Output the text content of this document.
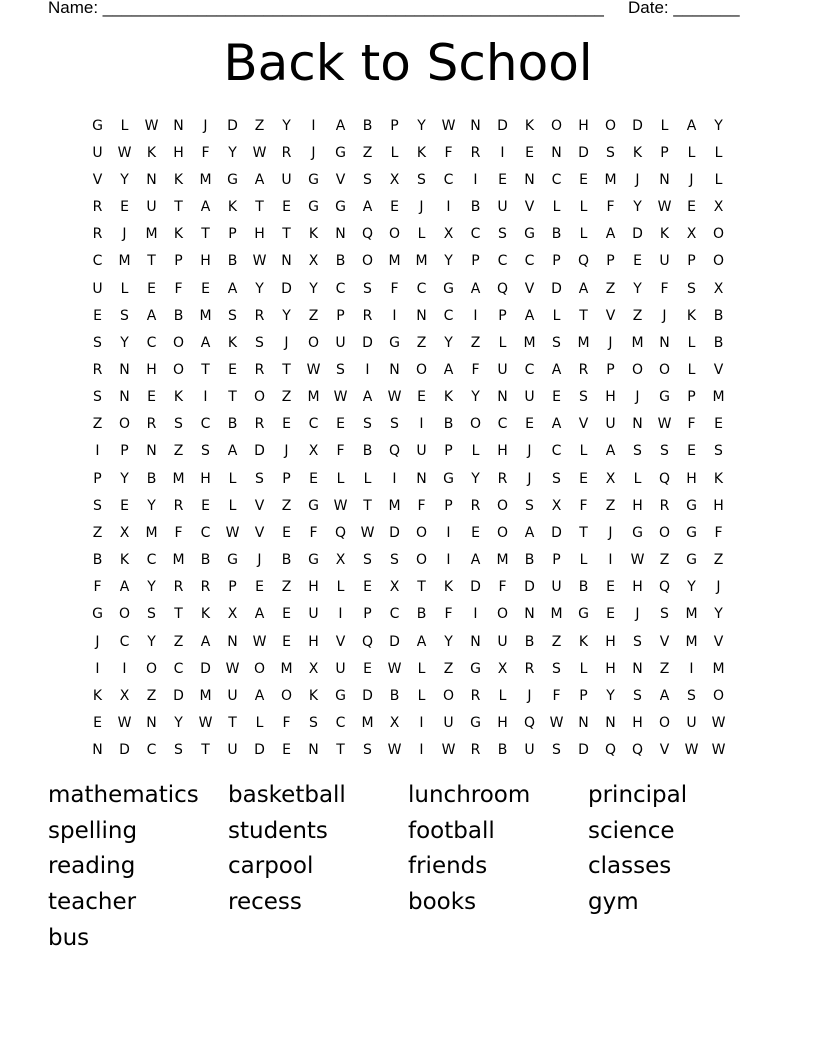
Name: _____________________________________________________ Date: _______
Back to School
G	L	W	N	J	D	Z	Y	I	A	B	P	Y	W	N	D	K	O	H	O	D	L	A	Y
U	W	K	H	F	Y	W	R	J	G	Z	L	K	F	R	I	E	N	D	S	K	P	L	L
V	Y	N	K	M	G	A	U	G	V	S	X	S	C	I	E	N	C	E	M	J	N	J	L
R	E	U	T	A	K	T	E	G	G	A	E	J	I	B	U	V	L	L	F	Y	W	E	X
R	J	M	K	T	P	H	T	K	N	Q	O	L	X	C	S	G	B	L	A	D	K	X	O
C	M	T	P	H	B	W	N	X	B	O	M	M	Y	P	C	C	P	Q	P	E	U	P	O
U	L	E	F	E	A	Y	D	Y	C	S	F	C	G	A	Q	V	D	A	Z	Y	F	S	X
E	S	A	B	M	S	R	Y	Z	P	R	I	N	C	I	P	A	L	T	V	Z	J	K	B
S	Y	C	O	A	K	S	J	O	U	D	G	Z	Y	Z	L	M	S	M	J	M	N	L	B
R	N	H	O	T	E	R	T	W	S	I	N	O	A	F	U	C	A	R	P	O	O	L	V
S	N	E	K	I	T	O	Z	M	W	A	W	E	K	Y	N	U	E	S	H	J	G	P	M
Z	O	R	S	C	B	R	E	C	E	S	S	I	B	O	C	E	A	V	U	N	W	F	E
I	P	N	Z	S	A	D	J	X	F	B	Q	U	P	L	H	J	C	L	A	S	S	E	S
P	Y	B	M	H	L	S	P	E	L	L	I	N	G	Y	R	J	S	E	X	L	Q	H	K
S	E	Y	R	E	L	V	Z	G	W	T	M	F	P	R	O	S	X	F	Z	H	R	G	H
Z	X	M	F	C	W	V	E	F	Q	W	D	O	I	E	O	A	D	T	J	G	O	G	F
B	K	C	M	B	G	J	B	G	X	S	S	O	I	A	M	B	P	L	I	W	Z	G	Z
F	A	Y	R	R	P	E	Z	H	L	E	X	T	K	D	F	D	U	B	E	H	Q	Y	J
G	O	S	T	K	X	A	E	U	I	P	C	B	F	I	O	N	M	G	E	J	S	M	Y
J	C	Y	Z	A	N	W	E	H	V	Q	D	A	Y	N	U	B	Z	K	H	S	V	M	V
I	I	O	C	D	W	O	M	X	U	E	W	L	Z	G	X	R	S	L	H	N	Z	I	M
K	X	Z	D	M	U	A	O	K	G	D	B	L	O	R	L	J	F	P	Y	S	A	S	O
E	W	N	Y	W	T	L	F	S	C	M	X	I	U	G	H	Q	W	N	N	H	O	U	W
N	D	C	S	T	U	D	E	N	T	S	W	I	W	R	B	U	S	D	Q	Q	V	W W
mathematics	basketball	lunchroom	principal
spelling	students	football	science
reading	carpool	friends	classes
teacher	recess	books	gym
bus
